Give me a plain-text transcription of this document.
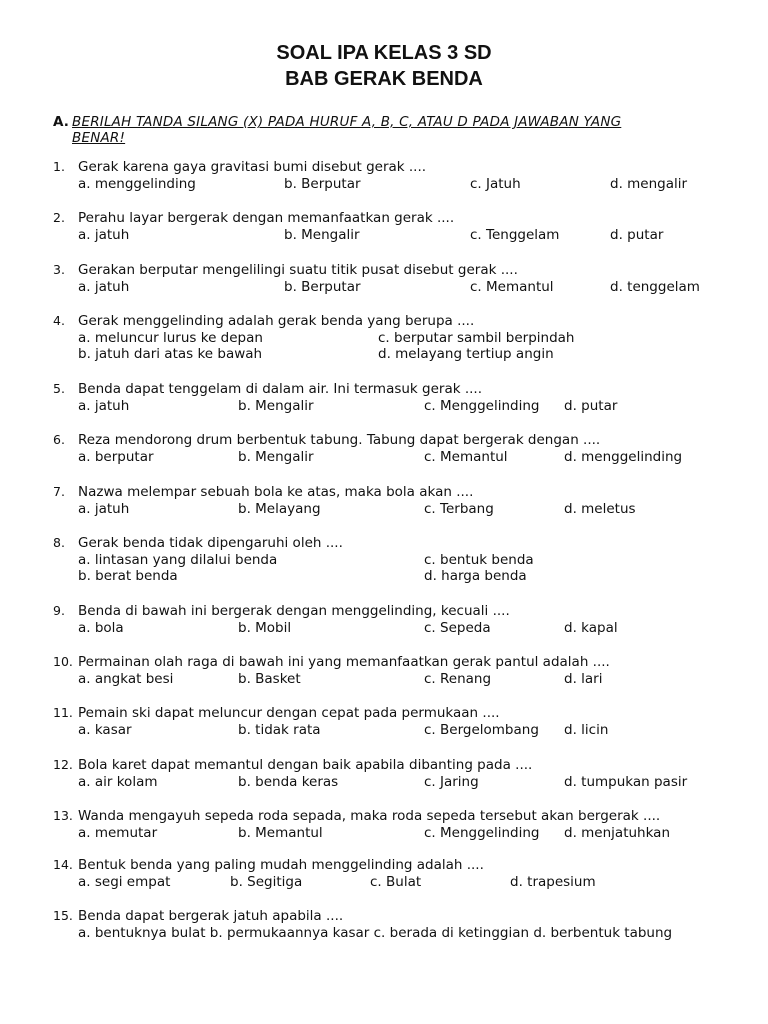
SOAL IPA KELAS 3 SD
BAB GERAK BENDA
A. BERILAH TANDA SILANG (X) PADA HURUF A, B, C, ATAU D PADA JAWABAN YANG
BENAR!
1. Gerak karena gaya gravitasi bumi disebut gerak ....
a. menggelinding	b. Berputar	c. Jatuh	d. mengalir
2. Perahu layar bergerak dengan memanfaatkan gerak ....
a. jatuh	b. Mengalir	c. Tenggelam	d. putar
3. Gerakan berputar mengelilingi suatu titik pusat disebut gerak ....
a. jatuh	b. Berputar	c. Memantul	d. tenggelam
4. Gerak menggelinding adalah gerak benda yang berupa ....
a. meluncur lurus ke depan	c. berputar sambil berpindah
b. jatuh dari atas ke bawah	d. melayang tertiup angin
5. Benda dapat tenggelam di dalam air. Ini termasuk gerak ....
a. jatuh	b. Mengalir	c. Menggelinding d. putar
6. Reza mendorong drum berbentuk tabung. Tabung dapat bergerak dengan ....
a. berputar	b. Mengalir	c. Memantul	d. menggelinding
7. Nazwa melempar sebuah bola ke atas, maka bola akan ....
a. jatuh	b. Melayang	c. Terbang	d. meletus
8. Gerak benda tidak dipengaruhi oleh ....
a. lintasan yang dilalui benda	c. bentuk benda
b. berat benda	d. harga benda
9. Benda di bawah ini bergerak dengan menggelinding, kecuali ....
a. bola	b. Mobil	c. Sepeda	d. kapal
10. Permainan olah raga di bawah ini yang memanfaatkan gerak pantul adalah ....
a. angkat besi	b. Basket	c. Renang	d. lari
11. Pemain ski dapat meluncur dengan cepat pada permukaan ....
a. kasar	b. tidak rata	c. Bergelombang d. licin
12. Bola karet dapat memantul dengan baik apabila dibanting pada ....
a. air kolam	b. benda keras	c. Jaring	d. tumpukan pasir
13. Wanda mengayuh sepeda roda sepada, maka roda sepeda tersebut akan bergerak ....
a. memutar	b. Memantul	c. Menggelinding d. menjatuhkan
14. Bentuk benda yang paling mudah menggelinding adalah ....
a. segi empat	b. Segitiga	c. Bulat	d. trapesium
15. Benda dapat bergerak jatuh apabila ....
a. bentuknya bulat b. permukaannya kasar c. berada di ketinggian d. berbentuk tabung
